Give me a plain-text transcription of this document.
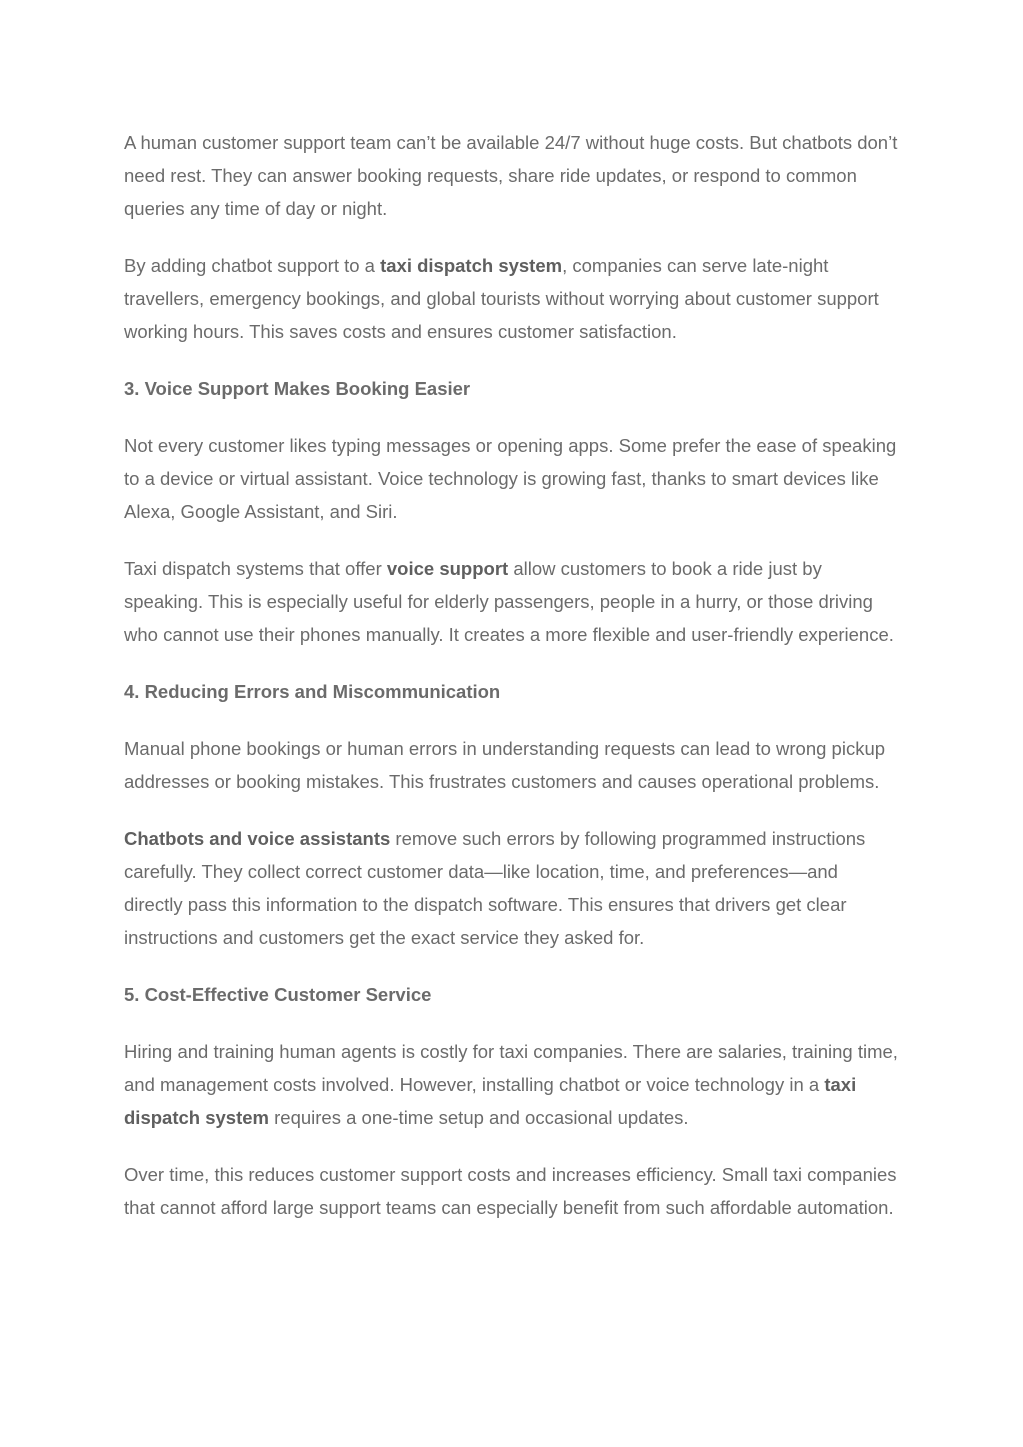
A human customer support team can’t be available 24/7 without huge costs. But chatbots don’t need rest. They can answer booking requests, share ride updates, or respond to common queries any time of day or night.

By adding chatbot support to a taxi dispatch system, companies can serve late-night travellers, emergency bookings, and global tourists without worrying about customer support working hours. This saves costs and ensures customer satisfaction.

3. Voice Support Makes Booking Easier

Not every customer likes typing messages or opening apps. Some prefer the ease of speaking to a device or virtual assistant. Voice technology is growing fast, thanks to smart devices like Alexa, Google Assistant, and Siri.

Taxi dispatch systems that offer voice support allow customers to book a ride just by speaking. This is especially useful for elderly passengers, people in a hurry, or those driving who cannot use their phones manually. It creates a more flexible and user-friendly experience.

4. Reducing Errors and Miscommunication

Manual phone bookings or human errors in understanding requests can lead to wrong pickup addresses or booking mistakes. This frustrates customers and causes operational problems.

Chatbots and voice assistants remove such errors by following programmed instructions carefully. They collect correct customer data—like location, time, and preferences—and directly pass this information to the dispatch software. This ensures that drivers get clear instructions and customers get the exact service they asked for.

5. Cost-Effective Customer Service

Hiring and training human agents is costly for taxi companies. There are salaries, training time, and management costs involved. However, installing chatbot or voice technology in a taxi dispatch system requires a one-time setup and occasional updates.

Over time, this reduces customer support costs and increases efficiency. Small taxi companies that cannot afford large support teams can especially benefit from such affordable automation.
